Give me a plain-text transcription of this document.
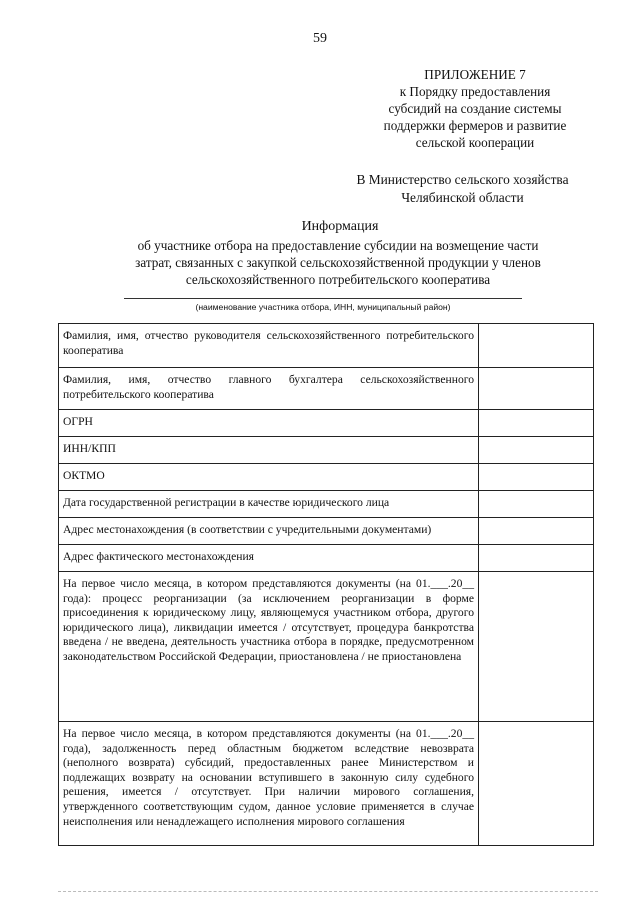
59
ПРИЛОЖЕНИЕ 7
к Порядку предоставления
субсидий на создание системы
поддержки фермеров и развитие
сельской кооперации
В Министерство сельского хозяйства
Челябинской области
Информация
об участнике отбора на предоставление субсидии на возмещение части
затрат, связанных с закупкой сельскохозяйственной продукции у членов
сельскохозяйственного потребительского кооператива
(наименование участника отбора, ИНН, муниципальный район)
Фамилия, имя, отчество руководителя сельскохозяйственного потребительского кооператива	
Фамилия, имя, отчество главного бухгалтера сельскохозяйственного потребительского кооператива	
ОГРН	
ИНН/КПП	
ОКТМО	
Дата государственной регистрации в качестве юридического лица	
Адрес местонахождения (в соответствии с учредительными документами)	
Адрес фактического местонахождения	
На первое число месяца, в котором представляются документы (на 01.___.20__ года): процесс реорганизации (за исключением реорганизации в форме присоединения к юридическому лицу, являющемуся участником отбора, другого юридического лица), ликвидации имеется / отсутствует, процедура банкротства введена / не введена, деятельность участника отбора в порядке, предусмотренном законодательством Российской Федерации, приостановлена / не приостановлена	
На первое число месяца, в котором представляются документы (на 01.___.20__ года), задолженность перед областным бюджетом вследствие невозврата (неполного возврата) субсидий, предоставленных ранее Министерством и подлежащих возврату на основании вступившего в законную силу судебного решения, имеется / отсутствует. При наличии мирового соглашения, утвержденного соответствующим судом, данное условие применяется в случае неисполнения или ненадлежащего исполнения мирового соглашения	
